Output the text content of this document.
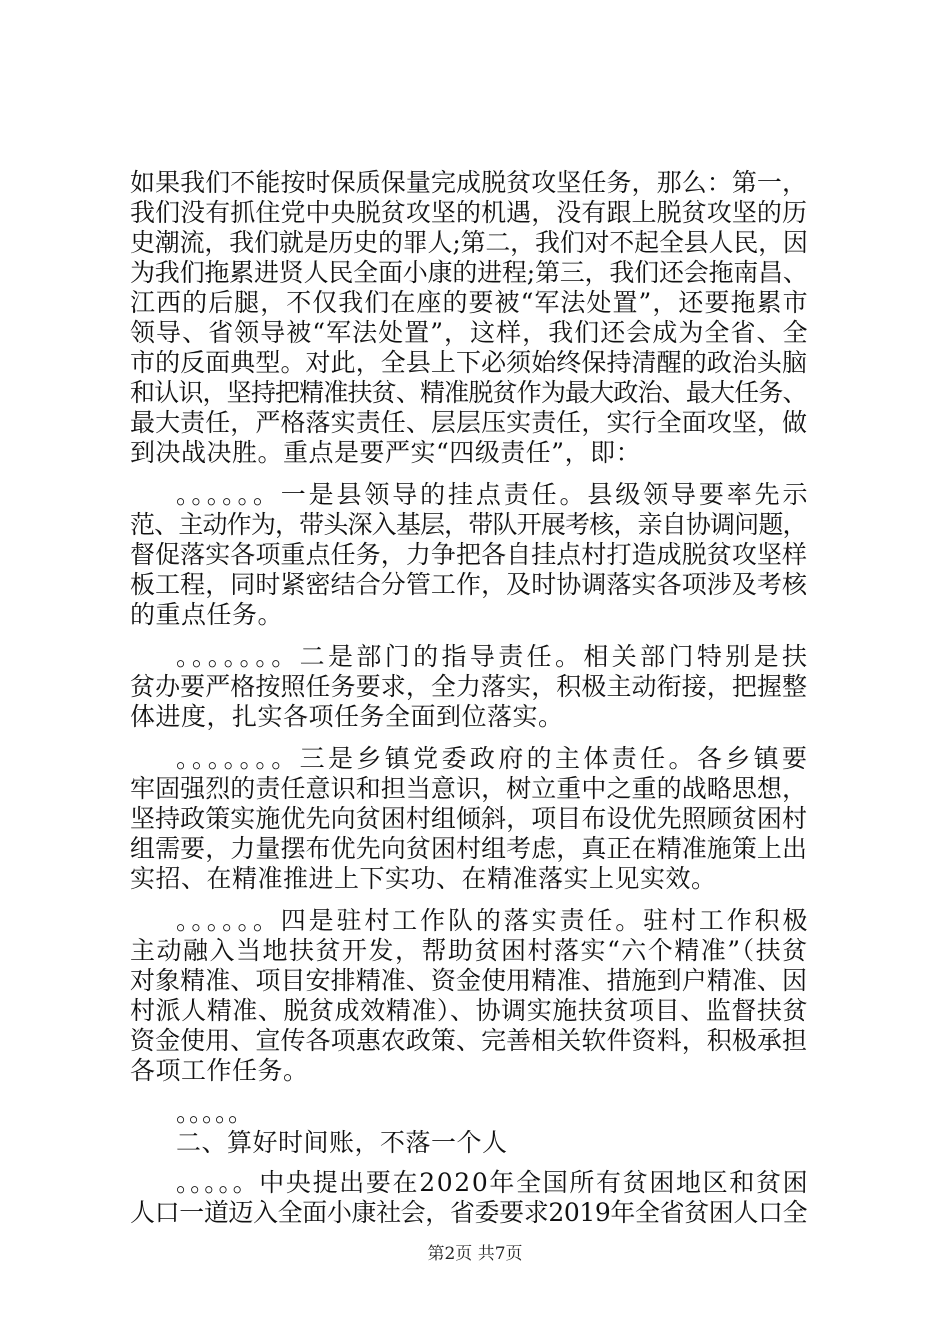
如果我们不能按时保质保量完成脱贫攻坚任务，那么：第一，
我们没有抓住党中央脱贫攻坚的机遇，没有跟上脱贫攻坚的历
史潮流，我们就是历史的罪人;第二，我们对不起全县人民，因
为我们拖累进贤人民全面小康的进程;第三，我们还会拖南昌、
江西的后腿，不仅我们在座的要被“军法处置”，还要拖累市
领导、省领导被“军法处置”，这样，我们还会成为全省、全
市的反面典型。对此，全县上下必须始终保持清醒的政治头脑
和认识，坚持把精准扶贫、精准脱贫作为最大政治、最大任务、
最大责任，严格落实责任、层层压实责任，实行全面攻坚，做
到决战决胜。重点是要严实“四级责任”，即：
。。。。。。一是县领导的挂点责任。县级领导要率先示
范、主动作为，带头深入基层，带队开展考核，亲自协调问题，
督促落实各项重点任务，力争把各自挂点村打造成脱贫攻坚样
板工程，同时紧密结合分管工作，及时协调落实各项涉及考核
的重点任务。
。。。。。。。二是部门的指导责任。相关部门特别是扶
贫办要严格按照任务要求，全力落实，积极主动衔接，把握整
体进度，扎实各项任务全面到位落实。
。。。。。。。三是乡镇党委政府的主体责任。各乡镇要
牢固强烈的责任意识和担当意识，树立重中之重的战略思想，
坚持政策实施优先向贫困村组倾斜，项目布设优先照顾贫困村
组需要，力量摆布优先向贫困村组考虑，真正在精准施策上出
实招、在精准推进上下实功、在精准落实上见实效。
。。。。。。四是驻村工作队的落实责任。驻村工作积极
主动融入当地扶贫开发，帮助贫困村落实“六个精准”（扶贫
对象精准、项目安排精准、资金使用精准、措施到户精准、因
村派人精准、脱贫成效精准）、协调实施扶贫项目、监督扶贫
资金使用、宣传各项惠农政策、完善相关软件资料，积极承担
各项工作任务。
。。。。。
二、算好时间账，不落一个人
。。。。。中央提出要在2020年全国所有贫困地区和贫困
人口一道迈入全面小康社会，省委要求2019年全省贫困人口全
第2页 共7页
